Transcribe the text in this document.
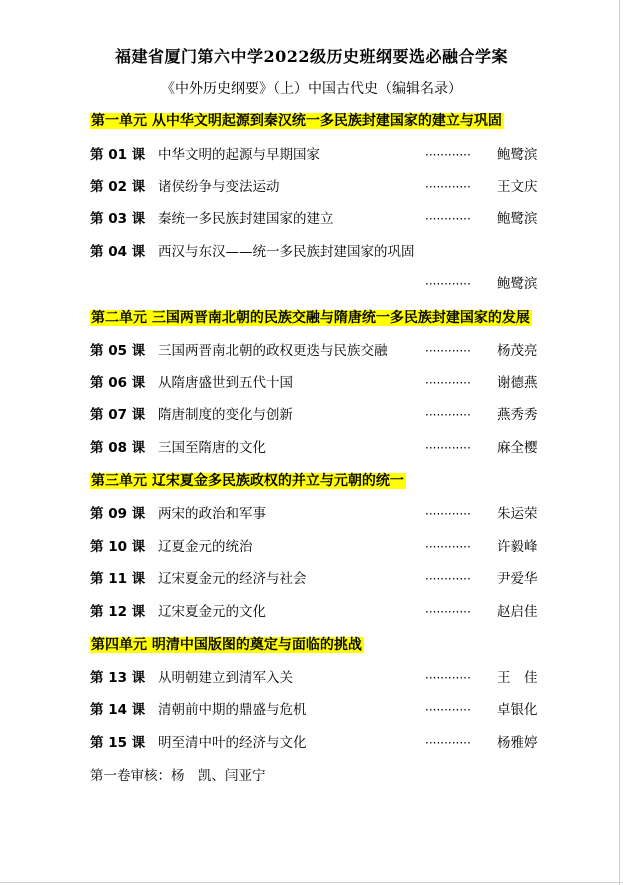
福建省厦门第六中学2022级历史班纲要选必融合学案
《中外历史纲要》（上）中国古代史（编辑名录）
第一单元 从中华文明起源到秦汉统一多民族封建国家的建立与巩固
第 01 课 中华文明的起源与早期国家	············ 鲍鹭滨
第 02 课 诸侯纷争与变法运动	············ 王文庆
第 03 课 秦统一多民族封建国家的建立	············ 鲍鹭滨
第 04 课 西汉与东汉——统一多民族封建国家的巩固
············ 鲍鹭滨
第二单元 三国两晋南北朝的民族交融与隋唐统一多民族封建国家的发展
第 05 课 三国两晋南北朝的政权更迭与民族交融	············ 杨茂亮
第 06 课 从隋唐盛世到五代十国	············ 谢德燕
第 07 课 隋唐制度的变化与创新	············ 燕秀秀
第 08 课 三国至隋唐的文化	············ 麻全樱
第三单元 辽宋夏金多民族政权的并立与元朝的统一
第 09 课 两宋的政治和军事	············ 朱运荣
第 10 课 辽夏金元的统治	············ 许毅峰
第 11 课 辽宋夏金元的经济与社会	············ 尹爱华
第 12 课 辽宋夏金元的文化	············ 赵启佳
第四单元 明清中国版图的奠定与面临的挑战
第 13 课 从明朝建立到清军入关	············ 王　佳
第 14 课 清朝前中期的鼎盛与危机	············ 卓银化
第 15 课 明至清中叶的经济与文化	············ 杨雅婷
第一卷审核：杨　凯、闫亚宁
